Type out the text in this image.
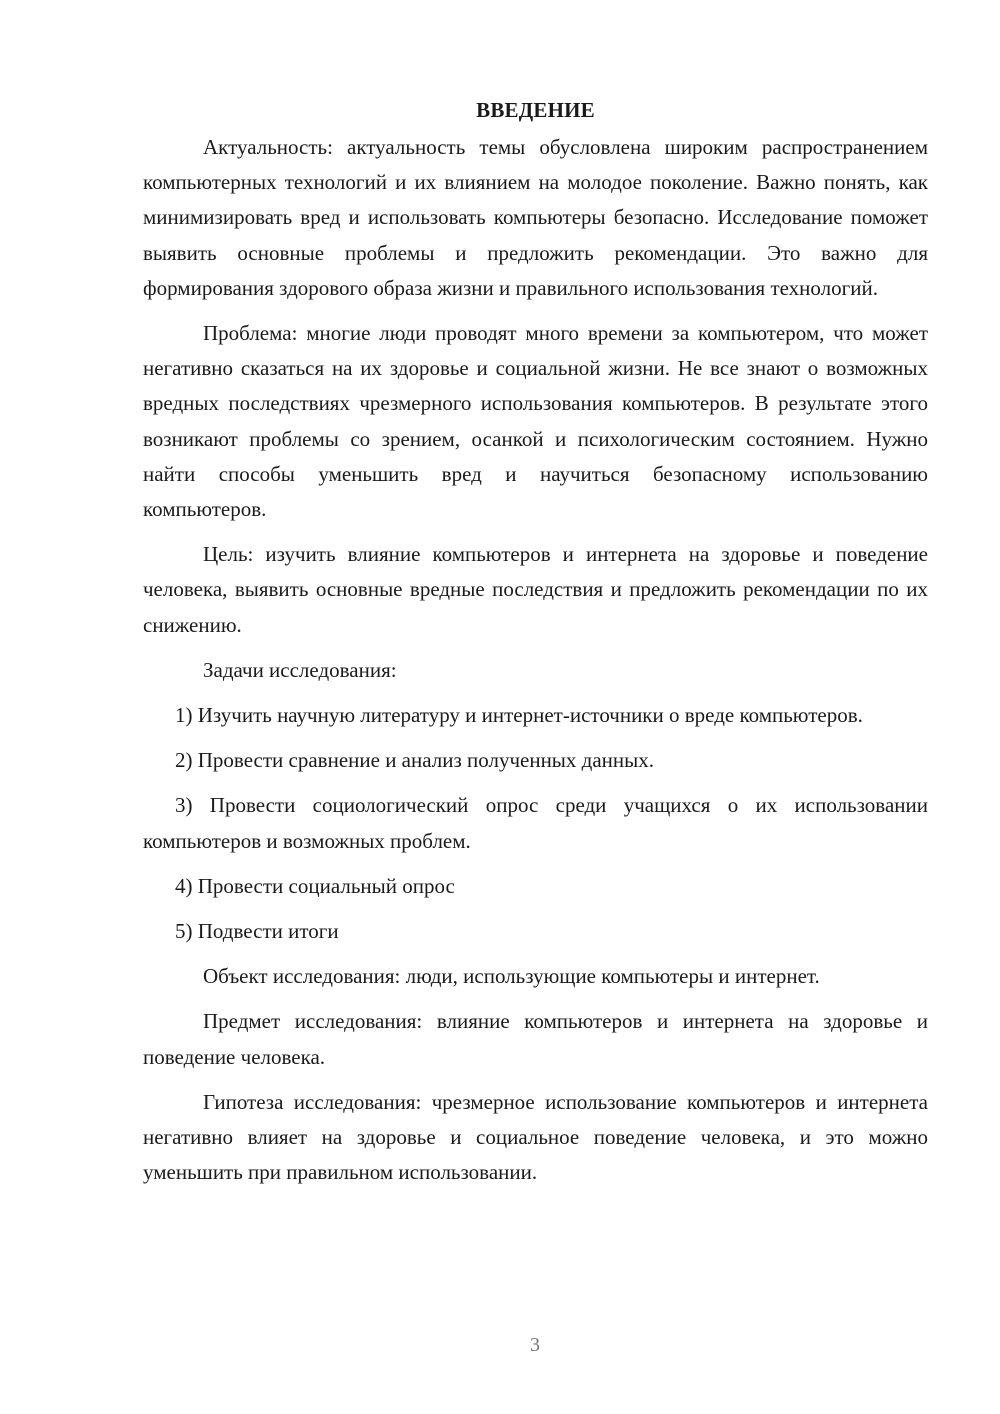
ВВЕДЕНИЕ

Актуальность: актуальность темы обусловлена широким распространением компьютерных технологий и их влиянием на молодое поколение. Важно понять, как минимизировать вред и использовать компьютеры безопасно. Исследование поможет выявить основные проблемы и предложить рекомендации. Это важно для формирования здорового образа жизни и правильного использования технологий.

Проблема: многие люди проводят много времени за компьютером, что может негативно сказаться на их здоровье и социальной жизни. Не все знают о возможных вредных последствиях чрезмерного использования компьютеров. В результате этого возникают проблемы со зрением, осанкой и психологическим состоянием. Нужно найти способы уменьшить вред и научиться безопасному использованию компьютеров.

Цель: изучить влияние компьютеров и интернета на здоровье и поведение человека, выявить основные вредные последствия и предложить рекомендации по их снижению.

Задачи исследования:

1) Изучить научную литературу и интернет-источники о вреде компьютеров.

2) Провести сравнение и анализ полученных данных.

3) Провести социологический опрос среди учащихся о их использовании компьютеров и возможных проблем.

4) Провести социальный опрос

5) Подвести итоги

Объект исследования: люди, использующие компьютеры и интернет.

Предмет исследования: влияние компьютеров и интернета на здоровье и поведение человека.

Гипотеза исследования: чрезмерное использование компьютеров и интернета негативно влияет на здоровье и социальное поведение человека, и это можно уменьшить при правильном использовании.

3
